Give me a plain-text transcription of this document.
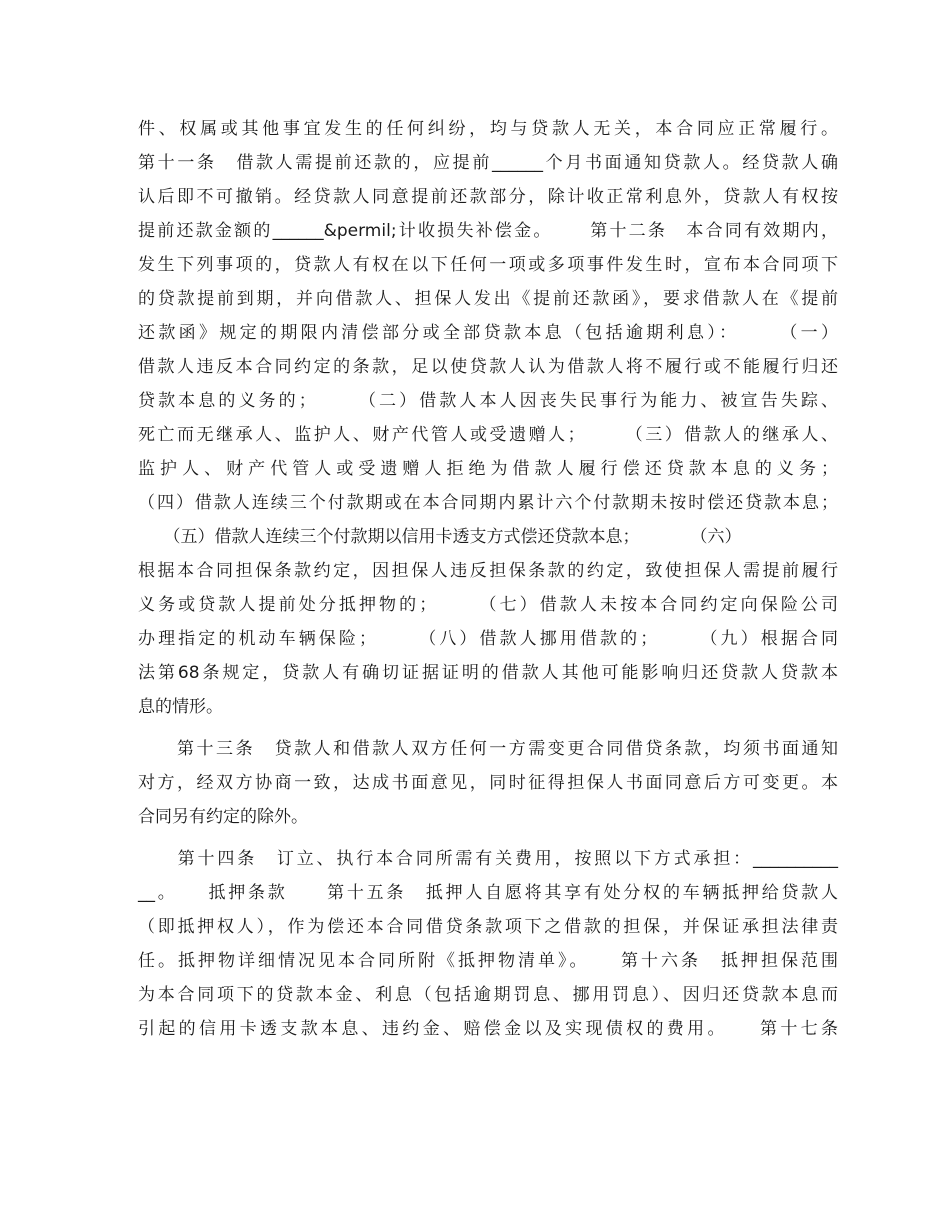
件、权属或其他事宜发生的任何纠纷，均与贷款人无关，本合同应正常履行。
第十一条　借款人需提前还款的，应提前______个月书面通知贷款人。经贷款人确
认后即不可撤销。经贷款人同意提前还款部分，除计收正常利息外，贷款人有权按
提前还款金额的______&permil;计收损失补偿金。　　 第十二条　本合同有效期内，
发生下列事项的，贷款人有权在以下任何一项或多项事件发生时，宣布本合同项下
的贷款提前到期，并向借款人、担保人发出《提前还款函》，要求借款人在《提前
还款函》规定的期限内清偿部分或全部贷款本息（包括逾期利息）：　　 （一）
借款人违反本合同约定的条款，足以使贷款人认为借款人将不履行或不能履行归还
贷款本息的义务的；　　 （二）借款人本人因丧失民事行为能力、被宣告失踪、
死亡而无继承人、监护人、财产代管人或受遗赠人；　　 （三）借款人的继承人、
监护人、财产代管人或受遗赠人拒绝为借款人履行偿还贷款本息的义务；
（四）借款人连续三个付款期或在本合同期内累计六个付款期未按时偿还贷款本息；
　　（五）借款人连续三个付款期以信用卡透支方式偿还贷款本息；　　　　（六）
根据本合同担保条款约定，因担保人违反担保条款的约定，致使担保人需提前履行
义务或贷款人提前处分抵押物的；　　 （七）借款人未按本合同约定向保险公司
办理指定的机动车辆保险；　　 （八）借款人挪用借款的；　　 （九）根据合同
法第68条规定，贷款人有确切证据证明的借款人其他可能影响归还贷款人贷款本
息的情形。
　　第十三条　贷款人和借款人双方任何一方需变更合同借贷条款，均须书面通知
对方，经双方协商一致，达成书面意见，同时征得担保人书面同意后方可变更。本
合同另有约定的除外。
　　第十四条　订立、执行本合同所需有关费用，按照以下方式承担：__________
__。　　抵押条款　　第十五条　抵押人自愿将其享有处分权的车辆抵押给贷款人
（即抵押权人），作为偿还本合同借贷条款项下之借款的担保，并保证承担法律责
任。抵押物详细情况见本合同所附《抵押物清单》。　　第十六条　抵押担保范围
为本合同项下的贷款本金、利息（包括逾期罚息、挪用罚息）、因归还贷款本息而
引起的信用卡透支款本息、违约金、赔偿金以及实现债权的费用。　　第十七条
